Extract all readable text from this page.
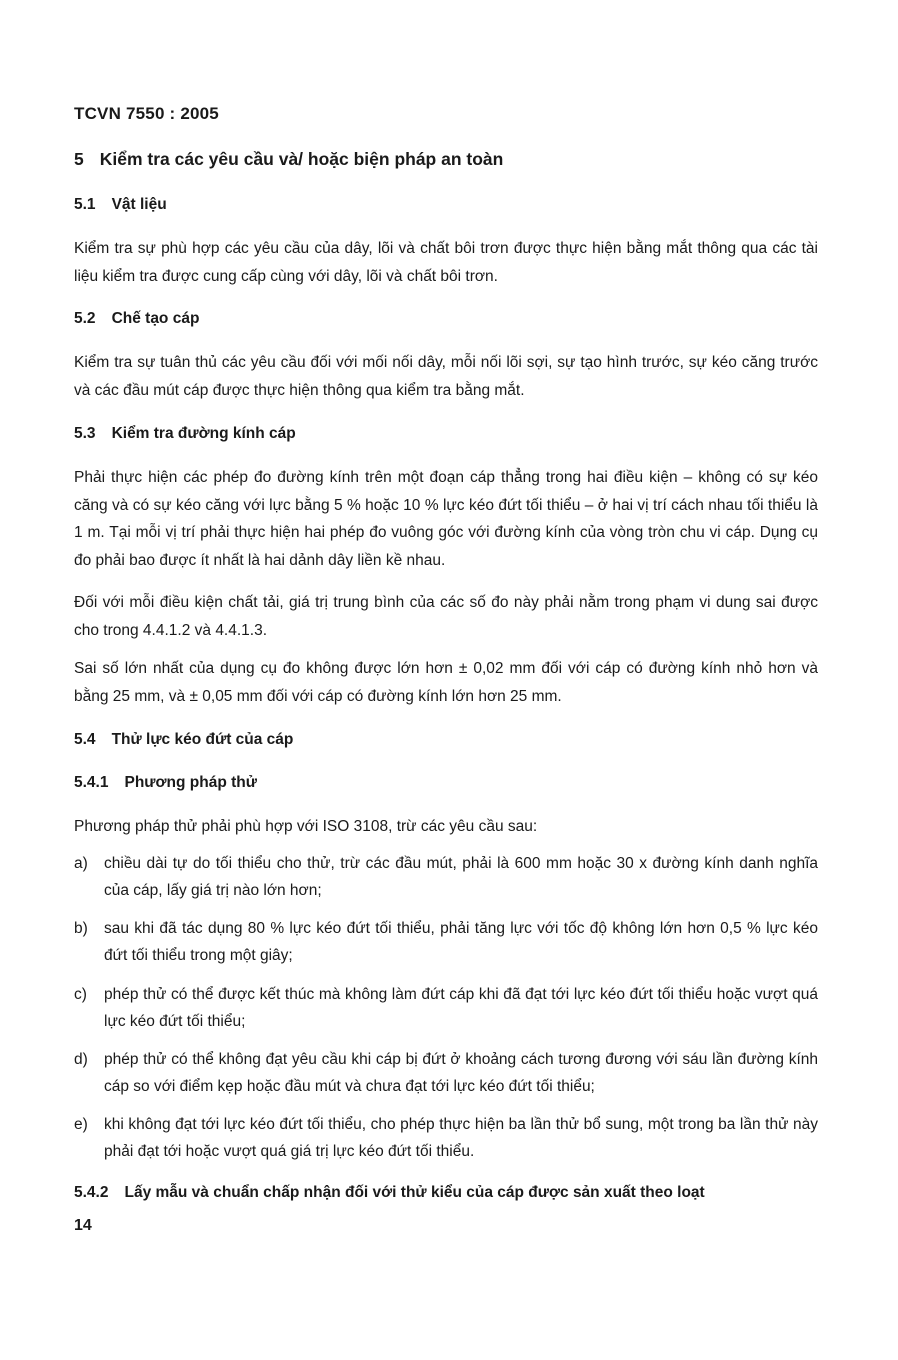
TCVN 7550 : 2005
5 Kiểm tra các yêu cầu và/ hoặc biện pháp an toàn
5.1 Vật liệu
Kiểm tra sự phù hợp các yêu cầu của dây, lõi và chất bôi trơn được thực hiện bằng mắt thông qua các tài liệu kiểm tra được cung cấp cùng với dây, lõi và chất bôi trơn.
5.2 Chế tạo cáp
Kiểm tra sự tuân thủ các yêu cầu đối với mối nối dây, mỗi nối lõi sợi, sự tạo hình trước, sự kéo căng trước và các đầu mút cáp được thực hiện thông qua kiểm tra bằng mắt.
5.3 Kiểm tra đường kính cáp
Phải thực hiện các phép đo đường kính trên một đoạn cáp thẳng trong hai điều kiện – không có sự kéo căng và có sự kéo căng với lực bằng 5 % hoặc 10 % lực kéo đứt tối thiểu – ở hai vị trí cách nhau tối thiểu là 1 m. Tại mỗi vị trí phải thực hiện hai phép đo vuông góc với đường kính của vòng tròn chu vi cáp. Dụng cụ đo phải bao được ít nhất là hai dảnh dây liền kề nhau.
Đối với mỗi điều kiện chất tải, giá trị trung bình của các số đo này phải nằm trong phạm vi dung sai được cho trong 4.4.1.2 và 4.4.1.3.
Sai số lớn nhất của dụng cụ đo không được lớn hơn ± 0,02 mm đối với cáp có đường kính nhỏ hơn và bằng 25 mm, và ± 0,05 mm đối với cáp có đường kính lớn hơn 25 mm.
5.4 Thử lực kéo đứt của cáp
5.4.1 Phương pháp thử
Phương pháp thử phải phù hợp với ISO 3108, trừ các yêu cầu sau:
a) chiều dài tự do tối thiểu cho thử, trừ các đầu mút, phải là 600 mm hoặc 30 x đường kính danh nghĩa của cáp, lấy giá trị nào lớn hơn;
b) sau khi đã tác dụng 80 % lực kéo đứt tối thiểu, phải tăng lực với tốc độ không lớn hơn 0,5 % lực kéo đứt tối thiểu trong một giây;
c) phép thử có thể được kết thúc mà không làm đứt cáp khi đã đạt tới lực kéo đứt tối thiểu hoặc vượt quá lực kéo đứt tối thiểu;
d) phép thử có thể không đạt yêu cầu khi cáp bị đứt ở khoảng cách tương đương với sáu lần đường kính cáp so với điểm kẹp hoặc đầu mút và chưa đạt tới lực kéo đứt tối thiểu;
e) khi không đạt tới lực kéo đứt tối thiểu, cho phép thực hiện ba lần thử bổ sung, một trong ba lần thử này phải đạt tới hoặc vượt quá giá trị lực kéo đứt tối thiểu.
5.4.2 Lấy mẫu và chuẩn chấp nhận đối với thử kiểu của cáp được sản xuất theo loạt
14
